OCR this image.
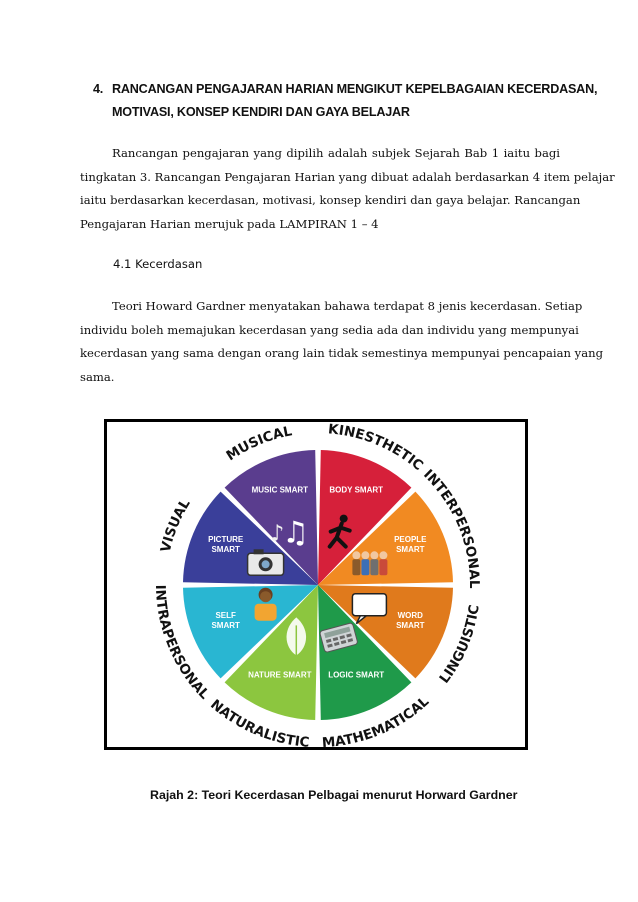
4. RANCANGAN PENGAJARAN HARIAN MENGIKUT KEPELBAGAIAN KECERDASAN,
MOTIVASI, KONSEP KENDIRI DAN GAYA BELAJAR

Rancangan pengajaran yang dipilih adalah subjek Sejarah Bab 1 iaitu bagi
tingkatan 3. Rancangan Pengajaran Harian yang dibuat adalah berdasarkan 4 item pelajar
iaitu berdasarkan kecerdasan, motivasi, konsep kendiri dan gaya belajar. Rancangan
Pengajaran Harian merujuk pada LAMPIRAN 1 – 4

4.1 Kecerdasan

Teori Howard Gardner menyatakan bahawa terdapat 8 jenis kecerdasan. Setiap
individu boleh memajukan kecerdasan yang sedia ada dan individu yang mempunyai
kecerdasan yang sama dengan orang lain tidak semestinya mempunyai pencapaian yang
sama.

MUSICAL
MUSIC SMART
♫
♪
KINESTHETIC
BODY SMART
INTERPERSONAL
PEOPLE SMART
LINGUISTIC
WORD SMART
MATHEMATICAL
LOGIC SMART
NATURALISTIC
NATURE SMART
INTRAPERSONAL
SELF SMART
VISUAL
PICTURE SMART
Rajah 2: Teori Kecerdasan Pelbagai menurut Horward Gardner
